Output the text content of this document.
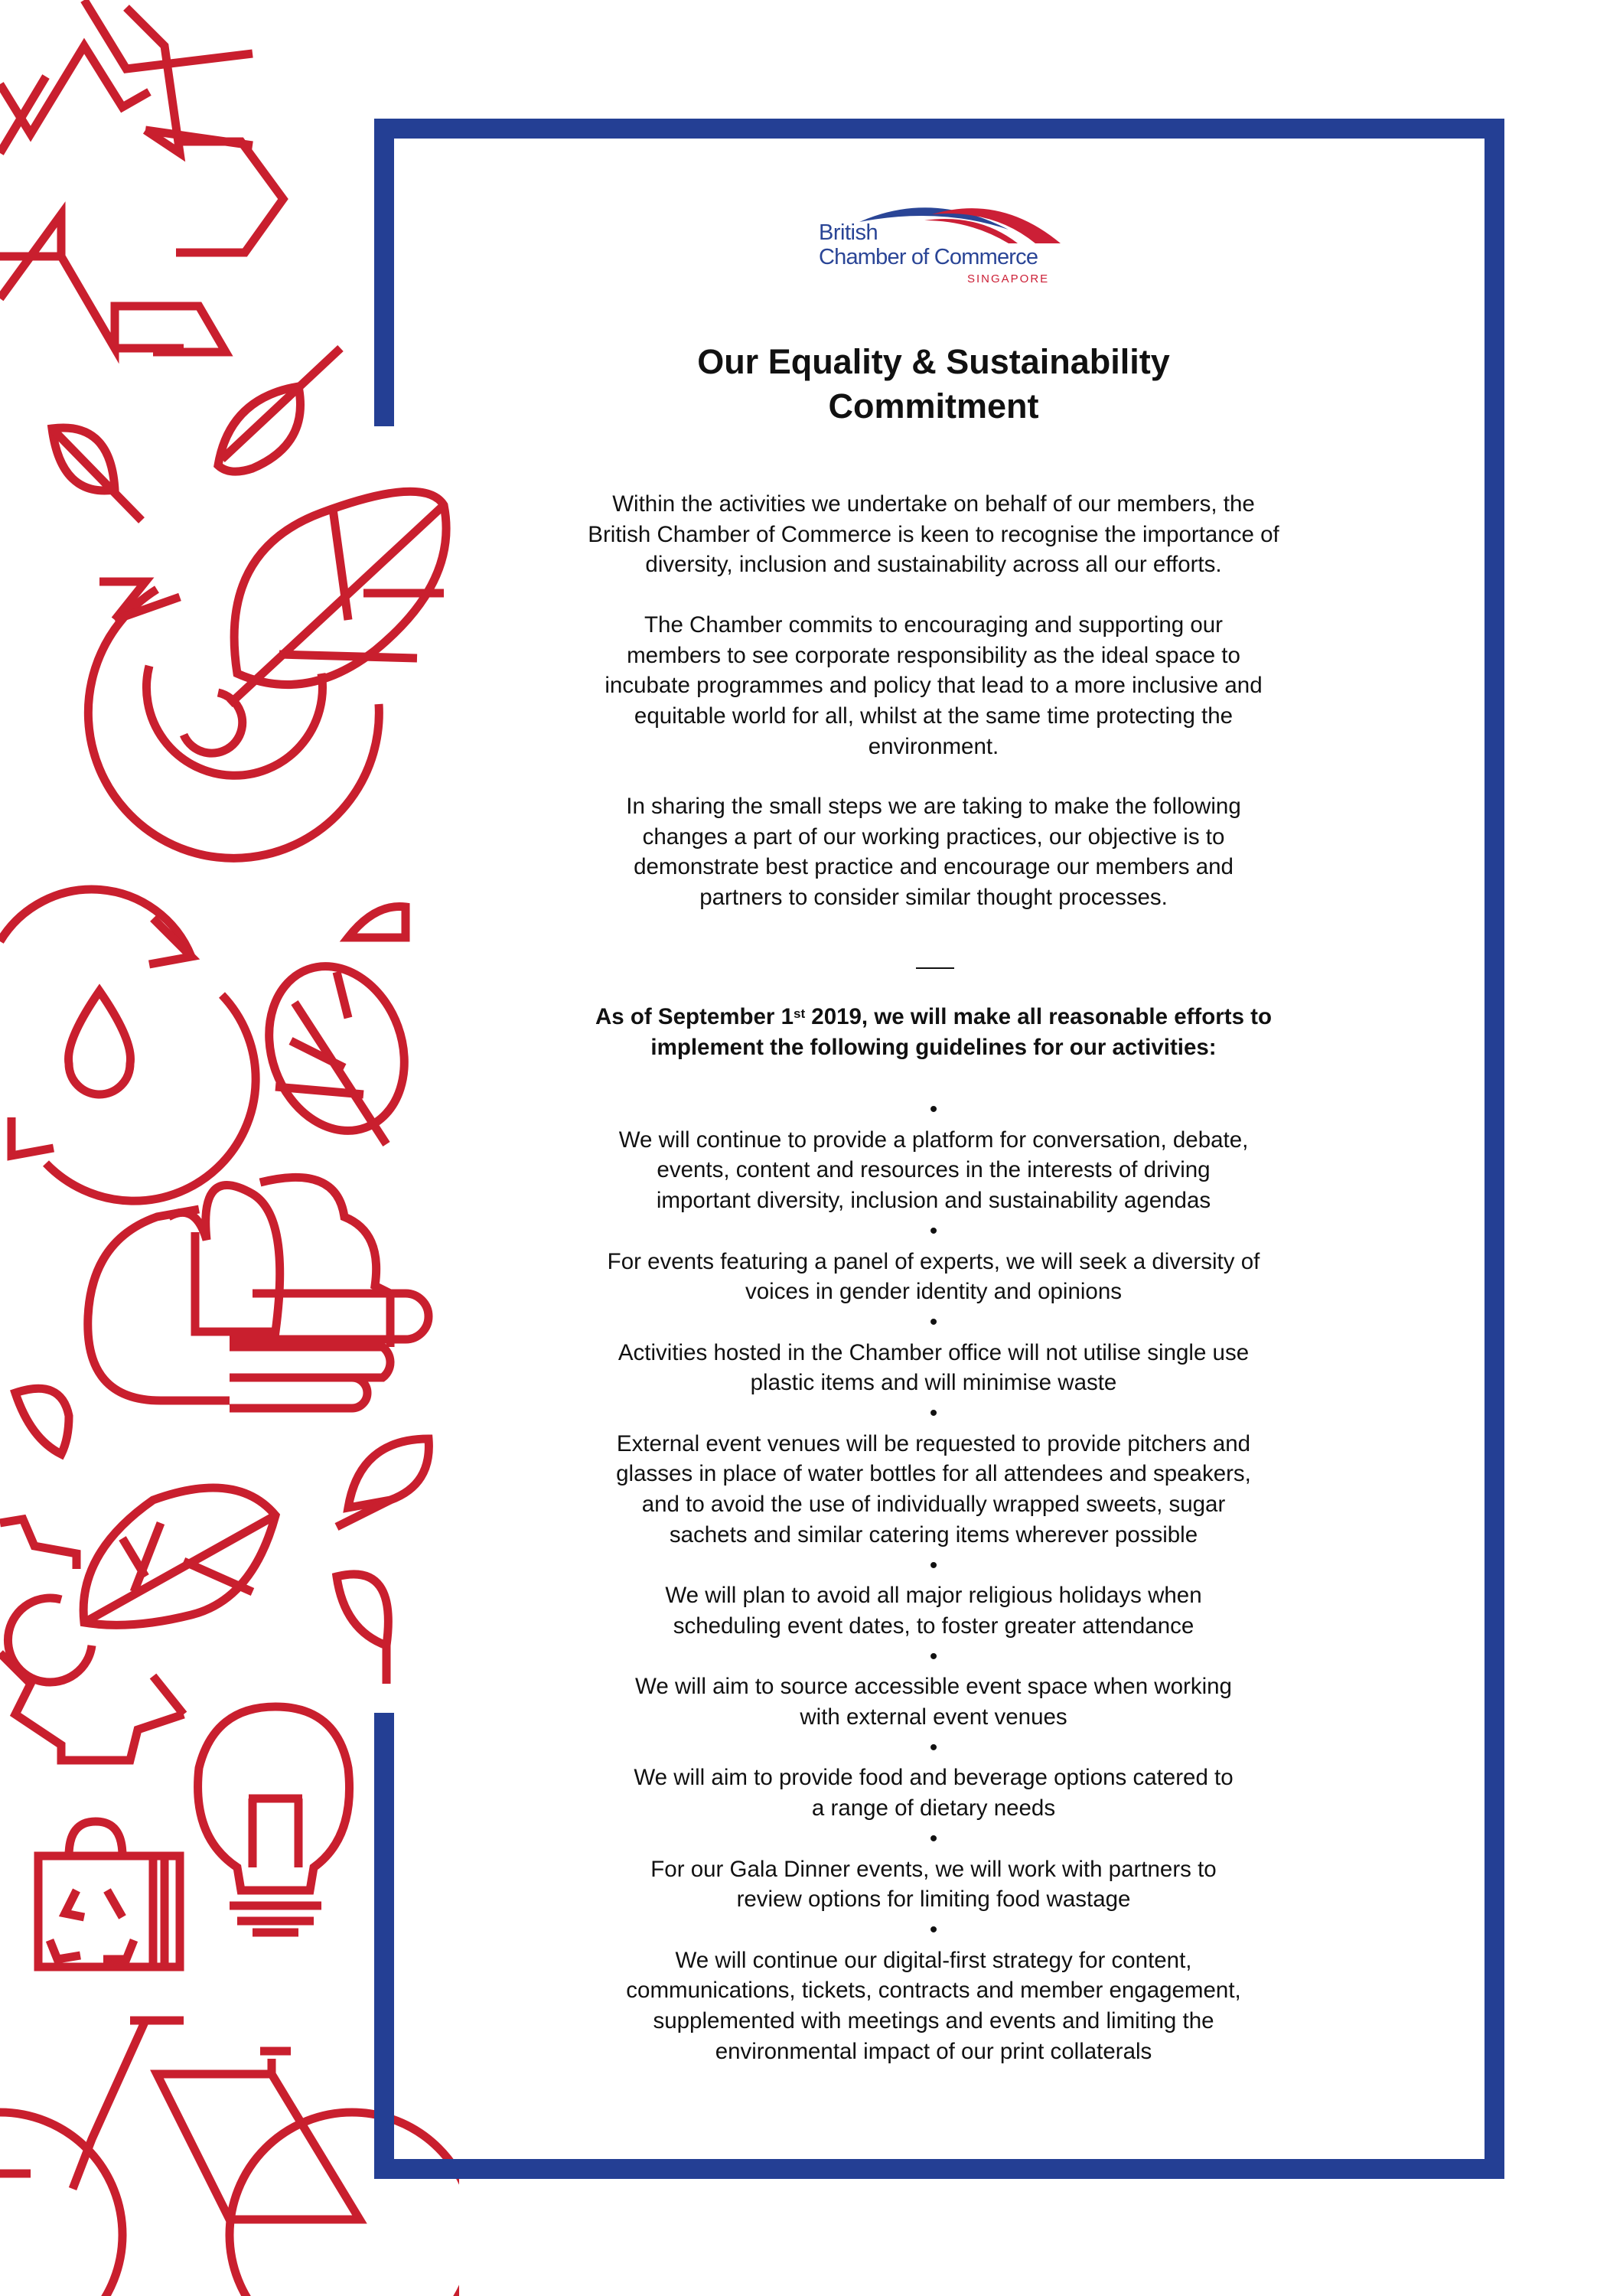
British
Chamber of Commerce
SINGAPORE
Our Equality & Sustainability
Commitment

Within the activities we undertake on behalf of our members, the
British Chamber of Commerce is keen to recognise the importance of
diversity, inclusion and sustainability across all our efforts.

The Chamber commits to encouraging and supporting our
members to see corporate responsibility as the ideal space to
incubate programmes and policy that lead to a more inclusive and
equitable world for all, whilst at the same time protecting the
environment.

In sharing the small steps we are taking to make the following
changes a part of our working practices, our objective is to
demonstrate best practice and encourage our members and
partners to consider similar thought processes.

As of September 1st 2019, we will make all reasonable efforts to
implement the following guidelines for our activities:

•
We will continue to provide a platform for conversation, debate,
events, content and resources in the interests of driving
important diversity, inclusion and sustainability agendas
•
For events featuring a panel of experts, we will seek a diversity of
voices in gender identity and opinions
•
Activities hosted in the Chamber office will not utilise single use
plastic items and will minimise waste
•
External event venues will be requested to provide pitchers and
glasses in place of water bottles for all attendees and speakers,
and to avoid the use of individually wrapped sweets, sugar
sachets and similar catering items wherever possible
•
We will plan to avoid all major religious holidays when
scheduling event dates, to foster greater attendance
•
We will aim to source accessible event space when working
with external event venues
•
We will aim to provide food and beverage options catered to
a range of dietary needs
•
For our Gala Dinner events, we will work with partners to
review options for limiting food wastage
•
We will continue our digital-first strategy for content,
communications, tickets, contracts and member engagement,
supplemented with meetings and events and limiting the
environmental impact of our print collaterals
